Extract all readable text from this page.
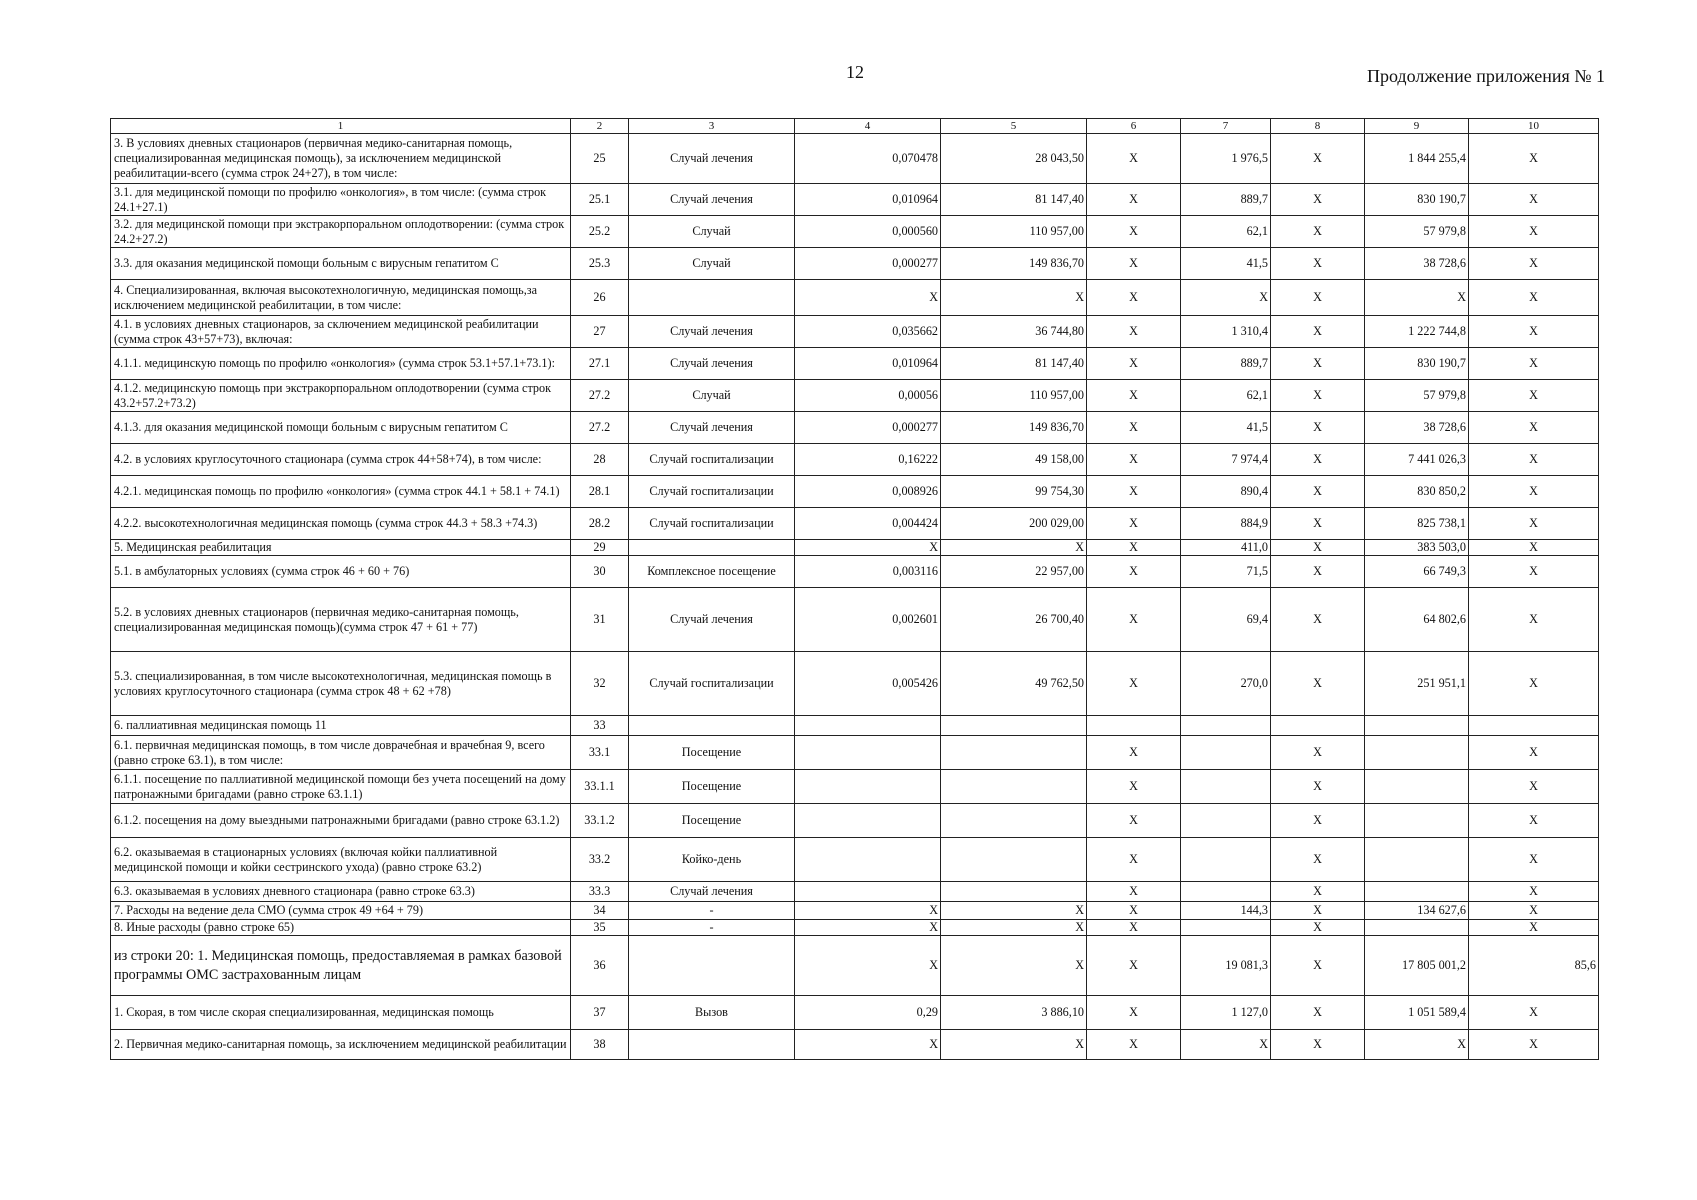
12	Продолжение приложения № 1
1	2	3	4	5	6	7	8	9	10
3. В условиях дневных стационаров (первичная медико-санитарная помощь, специализированная медицинская помощь), за исключением медицинской реабилитации-всего (сумма строк 24+27), в том числе:	25	Случай лечения	0,070478	28 043,50	X	1 976,5	X	1 844 255,4	X
3.1. для медицинской помощи по профилю «онкология», в том числе: (сумма строк 24.1+27.1)	25.1	Случай лечения	0,010964	81 147,40	X	889,7	X	830 190,7	X
3.2. для медицинской помощи при экстракорпоральном оплодотворении: (сумма строк 24.2+27.2)	25.2	Случай	0,000560	110 957,00	X	62,1	X	57 979,8	X
3.3. для оказания медицинской помощи больным с вирусным гепатитом С	25.3	Случай	0,000277	149 836,70	X	41,5	X	38 728,6	X
4. Специализированная, включая высокотехнологичную, медицинская помощь,за исключением медицинской реабилитации, в том числе:	26		X	X	X	X	X	X	X
4.1. в условиях дневных стационаров, за сключением медицинской реабилитации (сумма строк 43+57+73), включая:	27	Случай лечения	0,035662	36 744,80	X	1 310,4	X	1 222 744,8	X
4.1.1. медицинскую помощь по профилю «онкология» (сумма строк 53.1+57.1+73.1):	27.1	Случай лечения	0,010964	81 147,40	X	889,7	X	830 190,7	X
4.1.2. медицинскую помощь при экстракорпоральном оплодотворении (сумма строк 43.2+57.2+73.2)	27.2	Случай	0,00056	110 957,00	X	62,1	X	57 979,8	X
4.1.3. для оказания медицинской помощи больным с вирусным гепатитом С	27.2	Случай лечения	0,000277	149 836,70	X	41,5	X	38 728,6	X
4.2. в условиях круглосуточного стационара (сумма строк 44+58+74), в том числе:	28	Случай госпитализации	0,16222	49 158,00	X	7 974,4	X	7 441 026,3	X
4.2.1. медицинская помощь по профилю «онкология» (сумма строк 44.1 + 58.1 + 74.1)	28.1	Случай госпитализации	0,008926	99 754,30	X	890,4	X	830 850,2	X
4.2.2. высокотехнологичная медицинская помощь (сумма строк 44.3 + 58.3 +74.3)	28.2	Случай госпитализации	0,004424	200 029,00	X	884,9	X	825 738,1	X
5. Медицинская реабилитация	29		X	X	X	411,0	X	383 503,0	X
5.1. в амбулаторных условиях (сумма строк 46 + 60 + 76)	30	Комплексное посещение	0,003116	22 957,00	X	71,5	X	66 749,3	X
5.2. в условиях дневных стационаров (первичная медико-санитарная помощь, специализированная медицинская помощь)(сумма строк 47 + 61 + 77)	31	Случай лечения	0,002601	26 700,40	X	69,4	X	64 802,6	X
5.3. специализированная, в том числе высокотехнологичная, медицинская помощь в условиях круглосуточного стационара (сумма строк 48 + 62 +78)	32	Случай госпитализации	0,005426	49 762,50	X	270,0	X	251 951,1	X
6. паллиативная медицинская помощь 11	33								
6.1. первичная медицинская помощь, в том числе доврачебная и врачебная 9, всего (равно строке 63.1), в том числе:	33.1	Посещение			X		X		X
6.1.1. посещение по паллиативной медицинской помощи без учета посещений на дому патронажными бригадами (равно строке 63.1.1)	33.1.1	Посещение			X		X		X
6.1.2. посещения на дому выездными патронажными бригадами (равно строке 63.1.2)	33.1.2	Посещение			X		X		X
6.2. оказываемая в стационарных условиях (включая койки паллиативной медицинской помощи и койки сестринского ухода) (равно строке 63.2)	33.2	Койко-день			X		X		X
6.3. оказываемая в условиях дневного стационара (равно строке 63.3)	33.3	Случай лечения			X		X		X
7. Расходы на ведение дела СМО (сумма строк 49 +64 + 79)	34	-	X	X	X	144,3	X	134 627,6	X
8. Иные расходы (равно строке 65)	35	-	X	X	X		X		X
из строки 20: 1. Медицинская помощь, предоставляемая в рамках базовой программы ОМС застрахованным лицам	36		X	X	X	19 081,3	X	17 805 001,2	85,6
1. Скорая, в том числе скорая специализированная, медицинская помощь	37	Вызов	0,29	3 886,10	X	1 127,0	X	1 051 589,4	X
2. Первичная медико-санитарная помощь, за исключением медицинской реабилитации	38		X	X	X	X	X	X	X
